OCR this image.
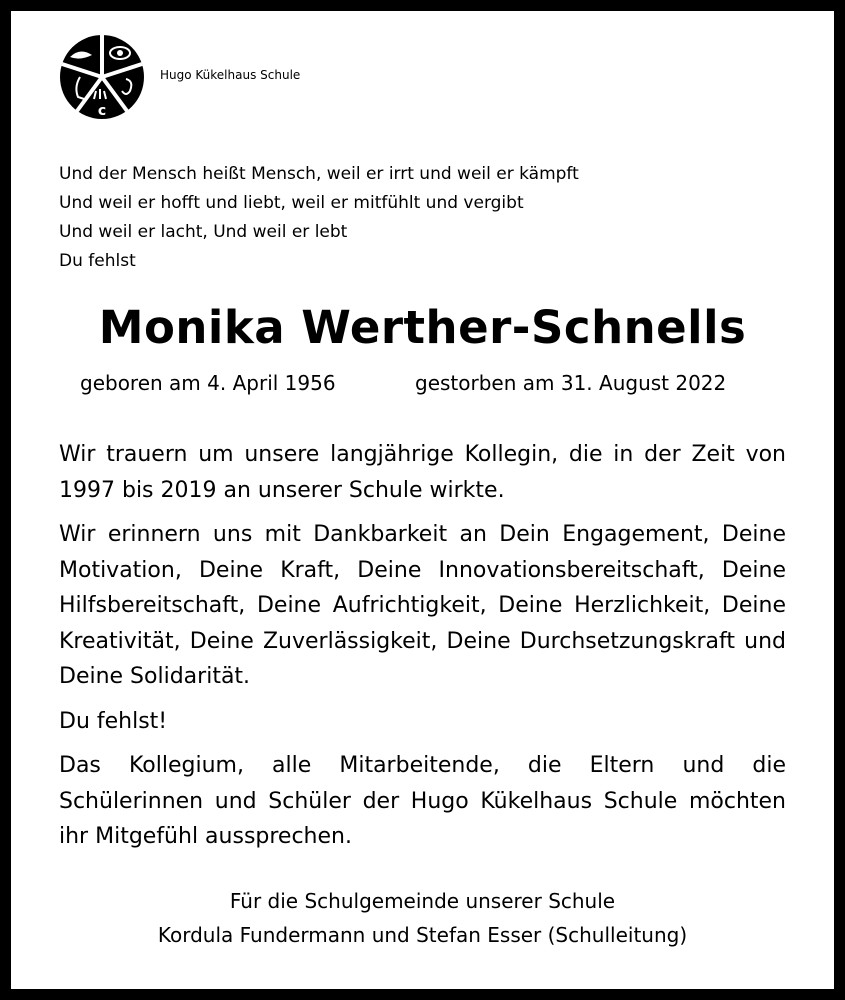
c
Hugo Kükelhaus Schule
Und der Mensch heißt Mensch, weil er irrt und weil er kämpft
Und weil er hofft und liebt, weil er mitfühlt und vergibt
Und weil er lacht, Und weil er lebt
Du fehlst
Monika Werther-Schnells
geboren am 4. April 1956	gestorben am 31. August 2022

Wir trauern um unsere langjährige Kollegin, die in der Zeit von 1997 bis 2019 an unserer Schule wirkte.

Wir erinnern uns mit Dankbarkeit an Dein Engagement, Deine Motivation, Deine Kraft, Deine Innovationsbereitschaft, Deine Hilfsbereitschaft, Deine Aufrichtigkeit, Deine Herzlichkeit, Deine Kreativität, Deine Zuverlässigkeit, Deine Durchsetzungskraft und Deine Solidarität.

Du fehlst!

Das Kollegium, alle Mitarbeitende, die Eltern und die Schülerinnen und Schüler der Hugo Kükelhaus Schule möchten ihr Mitgefühl aussprechen.

Für die Schulgemeinde unserer Schule
Kordula Fundermann und Stefan Esser (Schulleitung)
